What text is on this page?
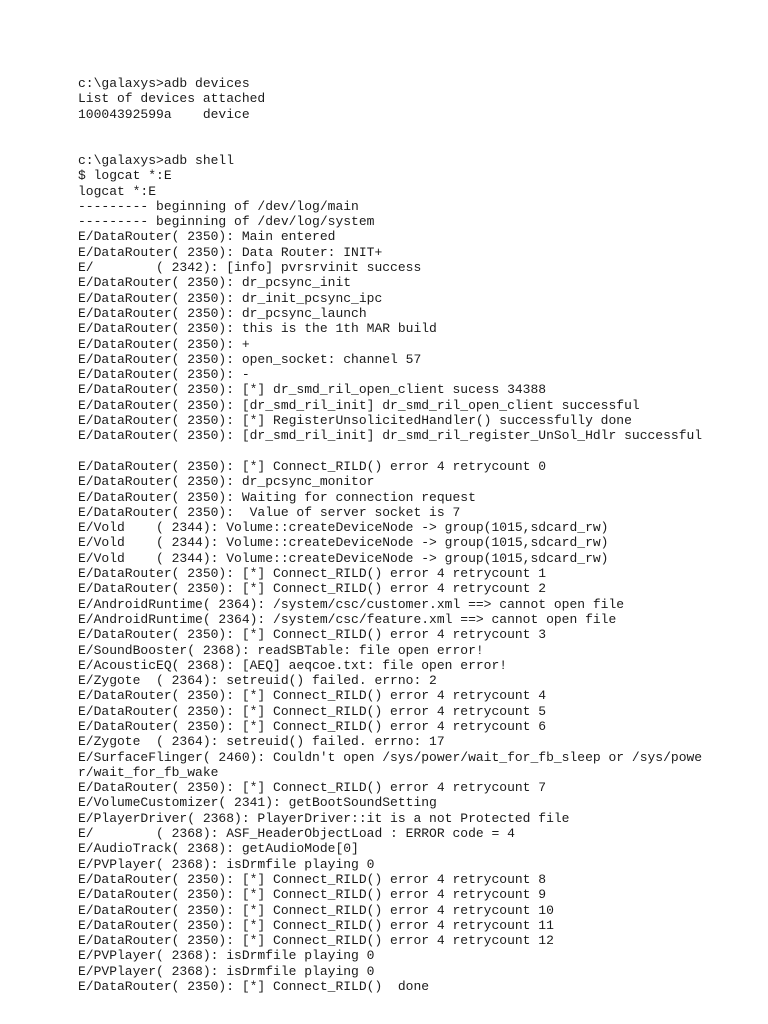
c:\galaxys>adb devices
List of devices attached
10004392599a    device
c:\galaxys>adb shell
$ logcat *:E
logcat *:E
--------- beginning of /dev/log/main
--------- beginning of /dev/log/system
E/DataRouter( 2350): Main entered
E/DataRouter( 2350): Data Router: INIT+
E/        ( 2342): [info] pvrsrvinit success
E/DataRouter( 2350): dr_pcsync_init
E/DataRouter( 2350): dr_init_pcsync_ipc
E/DataRouter( 2350): dr_pcsync_launch
E/DataRouter( 2350): this is the 1th MAR build
E/DataRouter( 2350): +
E/DataRouter( 2350): open_socket: channel 57
E/DataRouter( 2350): -
E/DataRouter( 2350): [*] dr_smd_ril_open_client sucess 34388
E/DataRouter( 2350): [dr_smd_ril_init] dr_smd_ril_open_client successful
E/DataRouter( 2350): [*] RegisterUnsolicitedHandler() successfully done
E/DataRouter( 2350): [dr_smd_ril_init] dr_smd_ril_register_UnSol_Hdlr successful
E/DataRouter( 2350): [*] Connect_RILD() error 4 retrycount 0
E/DataRouter( 2350): dr_pcsync_monitor
E/DataRouter( 2350): Waiting for connection request
E/DataRouter( 2350):  Value of server socket is 7
E/Vold    ( 2344): Volume::createDeviceNode -> group(1015,sdcard_rw)
E/Vold    ( 2344): Volume::createDeviceNode -> group(1015,sdcard_rw)
E/Vold    ( 2344): Volume::createDeviceNode -> group(1015,sdcard_rw)
E/DataRouter( 2350): [*] Connect_RILD() error 4 retrycount 1
E/DataRouter( 2350): [*] Connect_RILD() error 4 retrycount 2
E/AndroidRuntime( 2364): /system/csc/customer.xml ==> cannot open file
E/AndroidRuntime( 2364): /system/csc/feature.xml ==> cannot open file
E/DataRouter( 2350): [*] Connect_RILD() error 4 retrycount 3
E/SoundBooster( 2368): readSBTable: file open error!
E/AcousticEQ( 2368): [AEQ] aeqcoe.txt: file open error!
E/Zygote  ( 2364): setreuid() failed. errno: 2
E/DataRouter( 2350): [*] Connect_RILD() error 4 retrycount 4
E/DataRouter( 2350): [*] Connect_RILD() error 4 retrycount 5
E/DataRouter( 2350): [*] Connect_RILD() error 4 retrycount 6
E/Zygote  ( 2364): setreuid() failed. errno: 17
E/SurfaceFlinger( 2460): Couldn't open /sys/power/wait_for_fb_sleep or /sys/powe
r/wait_for_fb_wake
E/DataRouter( 2350): [*] Connect_RILD() error 4 retrycount 7
E/VolumeCustomizer( 2341): getBootSoundSetting
E/PlayerDriver( 2368): PlayerDriver::it is a not Protected file
E/        ( 2368): ASF_HeaderObjectLoad : ERROR code = 4
E/AudioTrack( 2368): getAudioMode[0]
E/PVPlayer( 2368): isDrmfile playing 0
E/DataRouter( 2350): [*] Connect_RILD() error 4 retrycount 8
E/DataRouter( 2350): [*] Connect_RILD() error 4 retrycount 9
E/DataRouter( 2350): [*] Connect_RILD() error 4 retrycount 10
E/DataRouter( 2350): [*] Connect_RILD() error 4 retrycount 11
E/DataRouter( 2350): [*] Connect_RILD() error 4 retrycount 12
E/PVPlayer( 2368): isDrmfile playing 0
E/PVPlayer( 2368): isDrmfile playing 0
E/DataRouter( 2350): [*] Connect_RILD()  done
